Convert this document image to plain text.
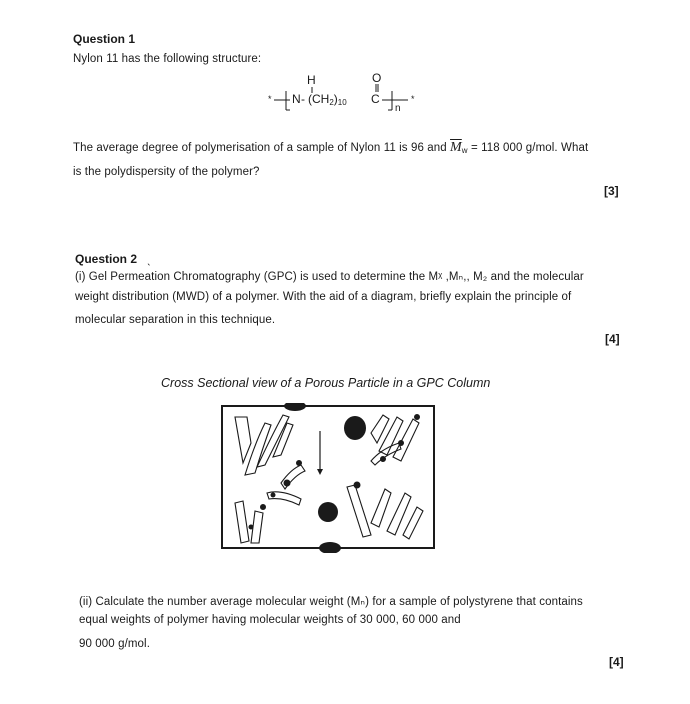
Question 1
Nylon 11 has the following structure:
*
H	O
N - $(CH_2)_{10}$ C
n
*
The average degree of polymerisation of a sample of Nylon 11 is 96 and $\overline{M}_w = 118$ 000 g/mol. What
is the polydispersity of the polymer?
[3]
Question 2 ˎ
(i) Gel Permeation Chromatography (GPC) is used to determine the Mᵡ ,Mₙ,, M₂ and the molecular
weight distribution (MWD) of a polymer. With the aid of a diagram, briefly explain the principle of
molecular separation in this technique.
[4]
Cross Sectional view of a Porous Particle in a GPC Column
(ii) Calculate the number average molecular weight (Mₙ) for a sample of polystyrene that contains
equal weights of polymer having molecular weights of 30 000, 60 000 and
90 000 g/mol.
[4]
